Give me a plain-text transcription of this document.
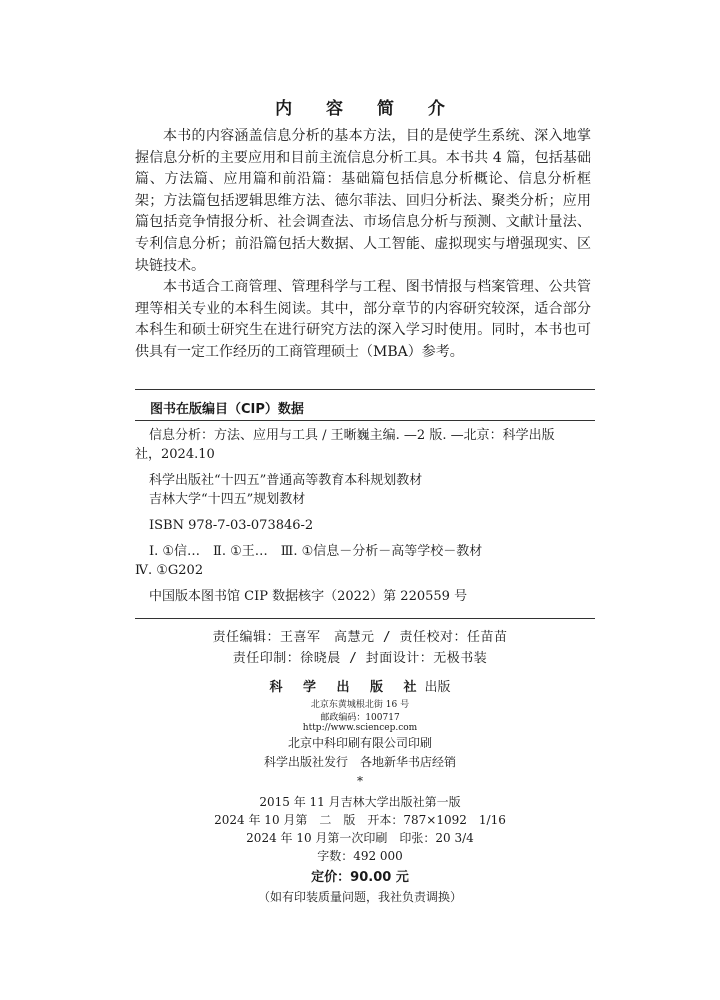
内 容 简 介

本书的内容涵盖信息分析的基本方法，目的是使学生系统、深入地掌握信息分析的主要应用和目前主流信息分析工具。本书共 4 篇，包括基础篇、方法篇、应用篇和前沿篇：基础篇包括信息分析概论、信息分析框架；方法篇包括逻辑思维方法、德尔菲法、回归分析法、聚类分析；应用篇包括竞争情报分析、社会调查法、市场信息分析与预测、文献计量法、专利信息分析；前沿篇包括大数据、人工智能、虚拟现实与增强现实、区块链技术。

本书适合工商管理、管理科学与工程、图书情报与档案管理、公共管理等相关专业的本科生阅读。其中，部分章节的内容研究较深，适合部分本科生和硕士研究生在进行研究方法的深入学习时使用。同时，本书也可供具有一定工作经历的工商管理硕士（MBA）参考。

图书在版编目（CIP）数据
信息分析：方法、应用与工具 / 王晰巍主编. —2 版. —北京：科学出版
社，2024.10
科学出版社“十四五”普通高等教育本科规划教材
吉林大学“十四五”规划教材
ISBN 978-7-03-073846-2
Ⅰ. ①信…　Ⅱ. ①王…　Ⅲ. ①信息－分析－高等学校－教材
Ⅳ. ①G202
中国版本图书馆 CIP 数据核字（2022）第 220559 号
责任编辑：王喜军　高慧元 / 责任校对：任苗苗
责任印制：徐晓晨 / 封面设计：无极书装
科 学 出 版 社出版
北京东黄城根北街 16 号
邮政编码：100717
http://www.sciencep.com
北京中科印刷有限公司印刷
科学出版社发行　各地新华书店经销
*
2015 年 11 月吉林大学出版社第一版
2024 年 10 月第　二　版　开本：787×1092　1/16
2024 年 10 月第一次印刷　印张：20 3/4
字数：492 000
定价：90.00 元
（如有印装质量问题，我社负责调换）
